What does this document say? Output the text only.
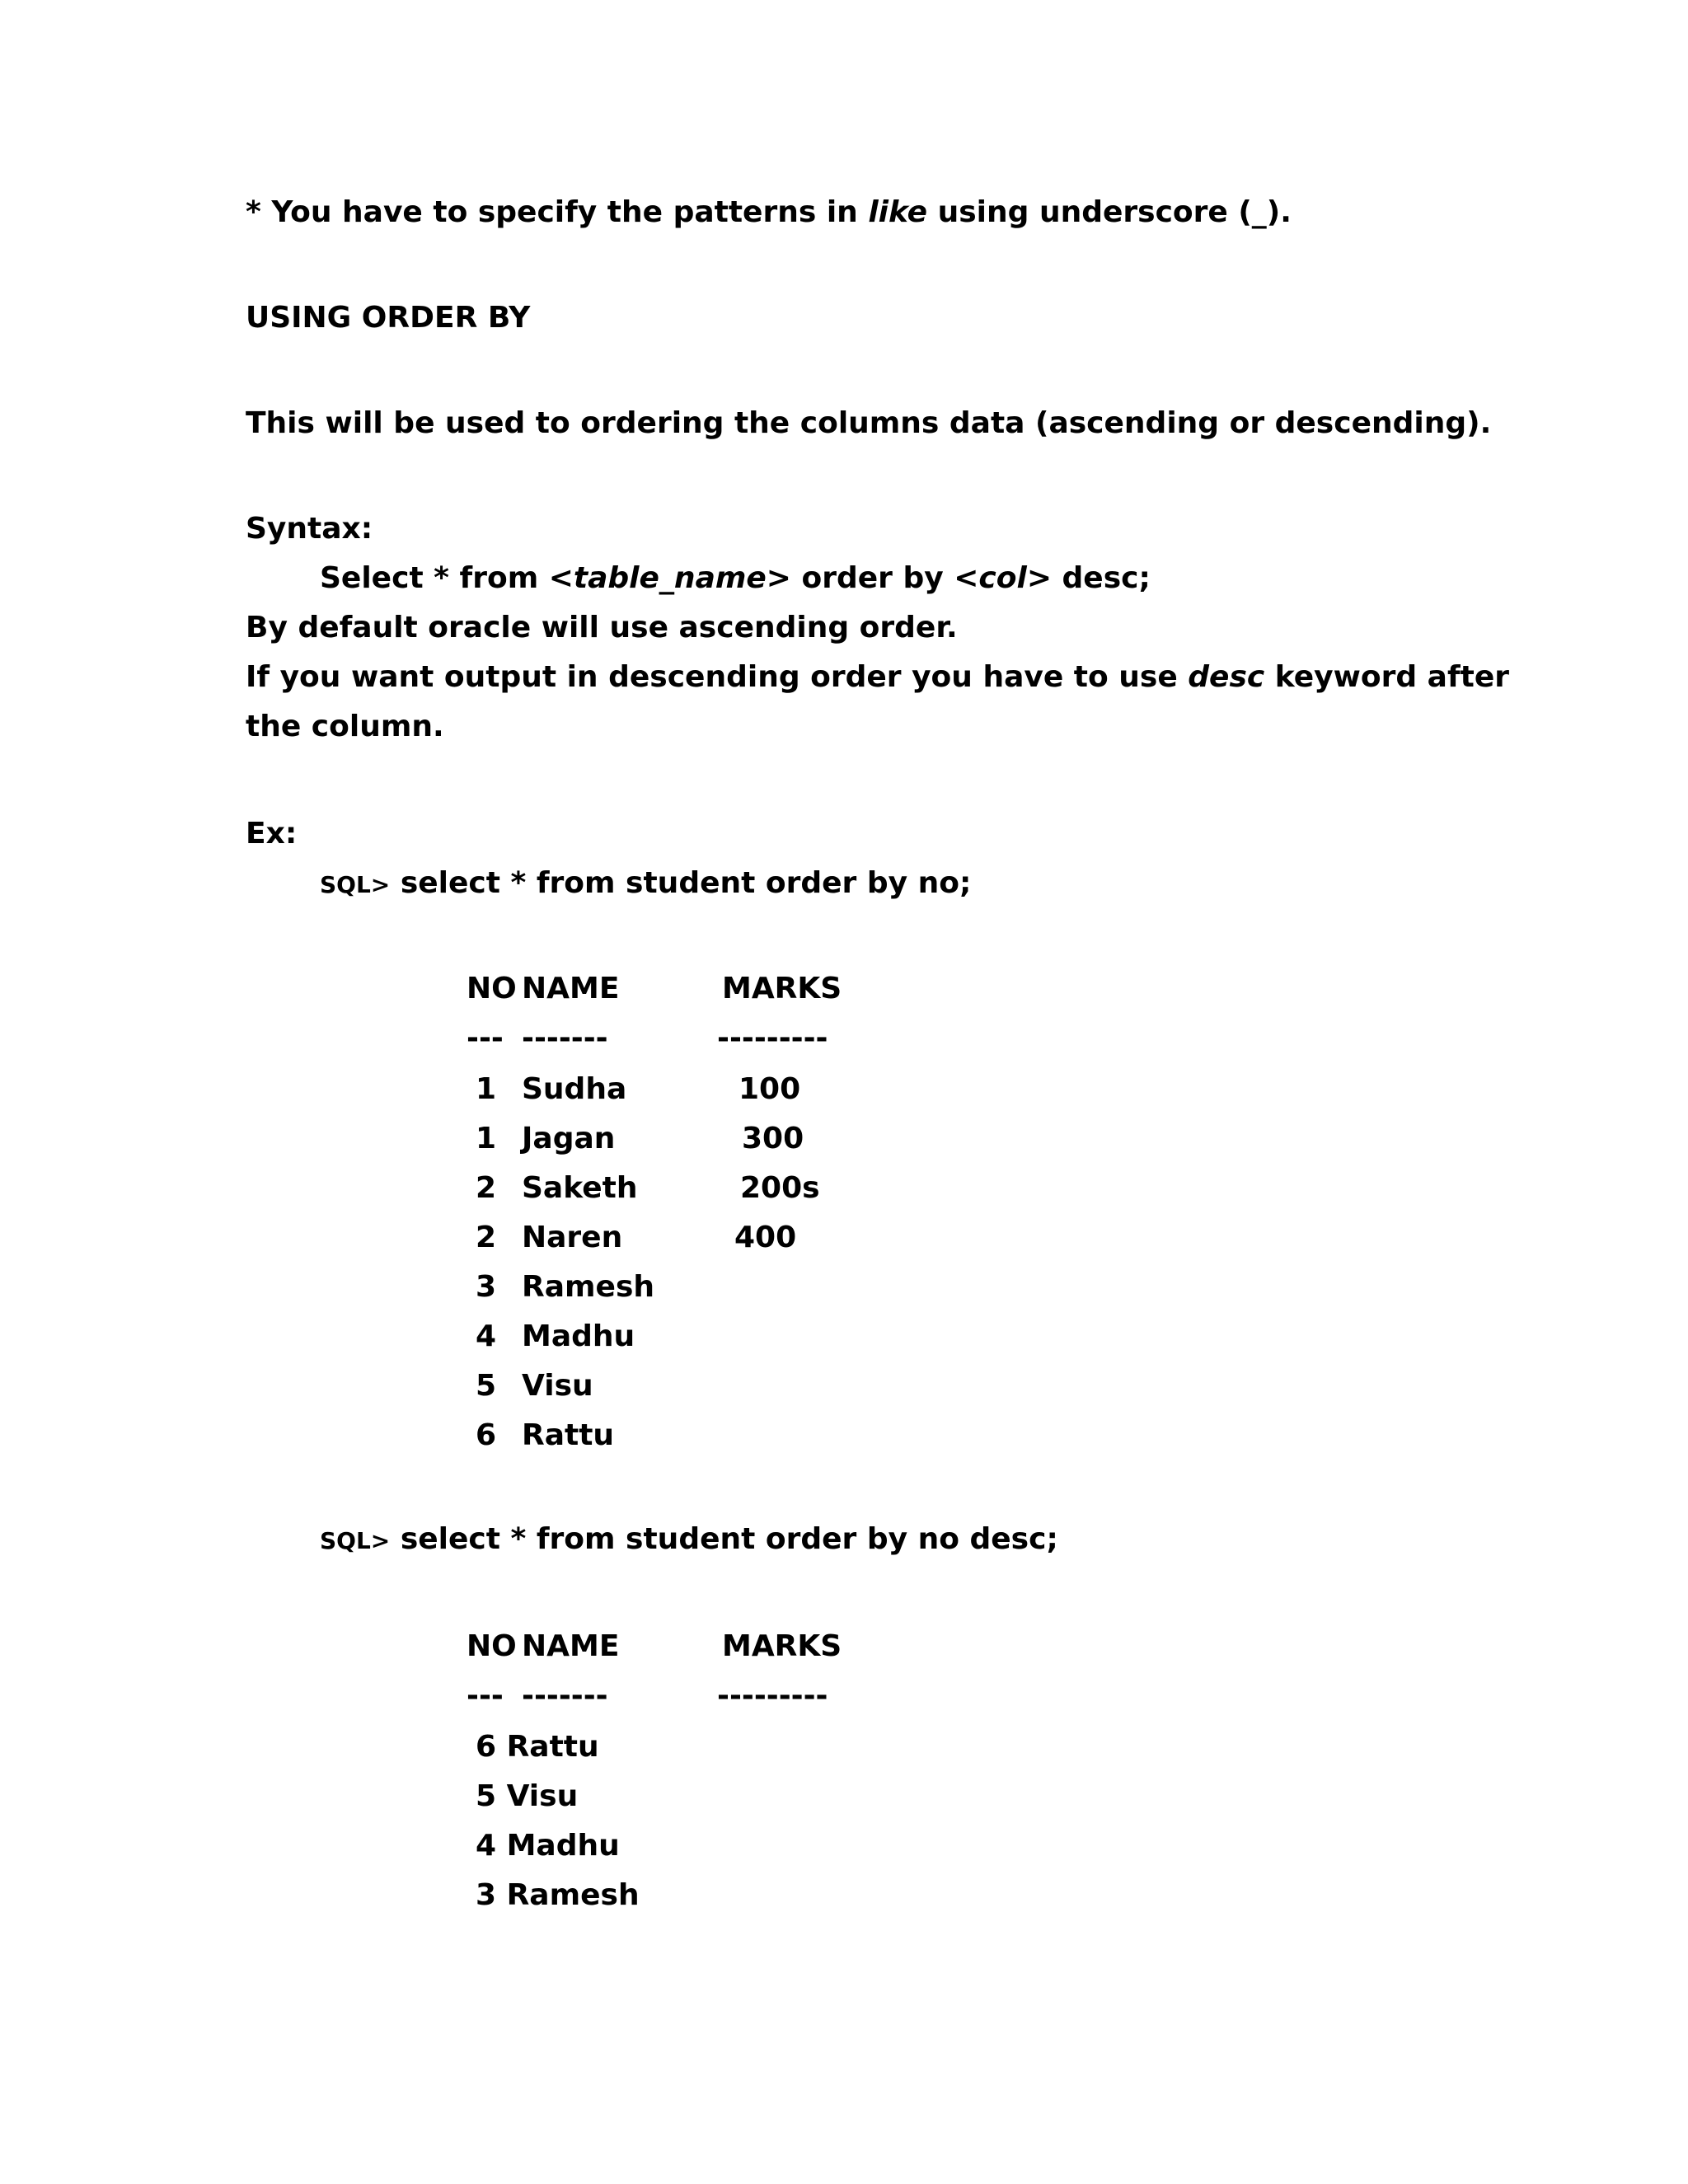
* You have to specify the patterns in like using underscore (_).
USING ORDER BY
This will be used to ordering the columns data (ascending or descending).
Syntax:
Select * from <table_name> order by <col> desc;
By default oracle will use ascending order.
If you want output in descending order you have to use desc keyword after
the column.
Ex:
SQL> select * from student order by no;
NO NAME	MARKS
--- -------	---------
1 Sudha	100
1 Jagan	300
2 Saketh	200s
2 Naren	400
3 Ramesh
4 Madhu
5 Visu
6 Rattu
SQL> select * from student order by no desc;
NO NAME	MARKS
--- -------	---------
6 Rattu
5 Visu
4 Madhu
3 Ramesh
